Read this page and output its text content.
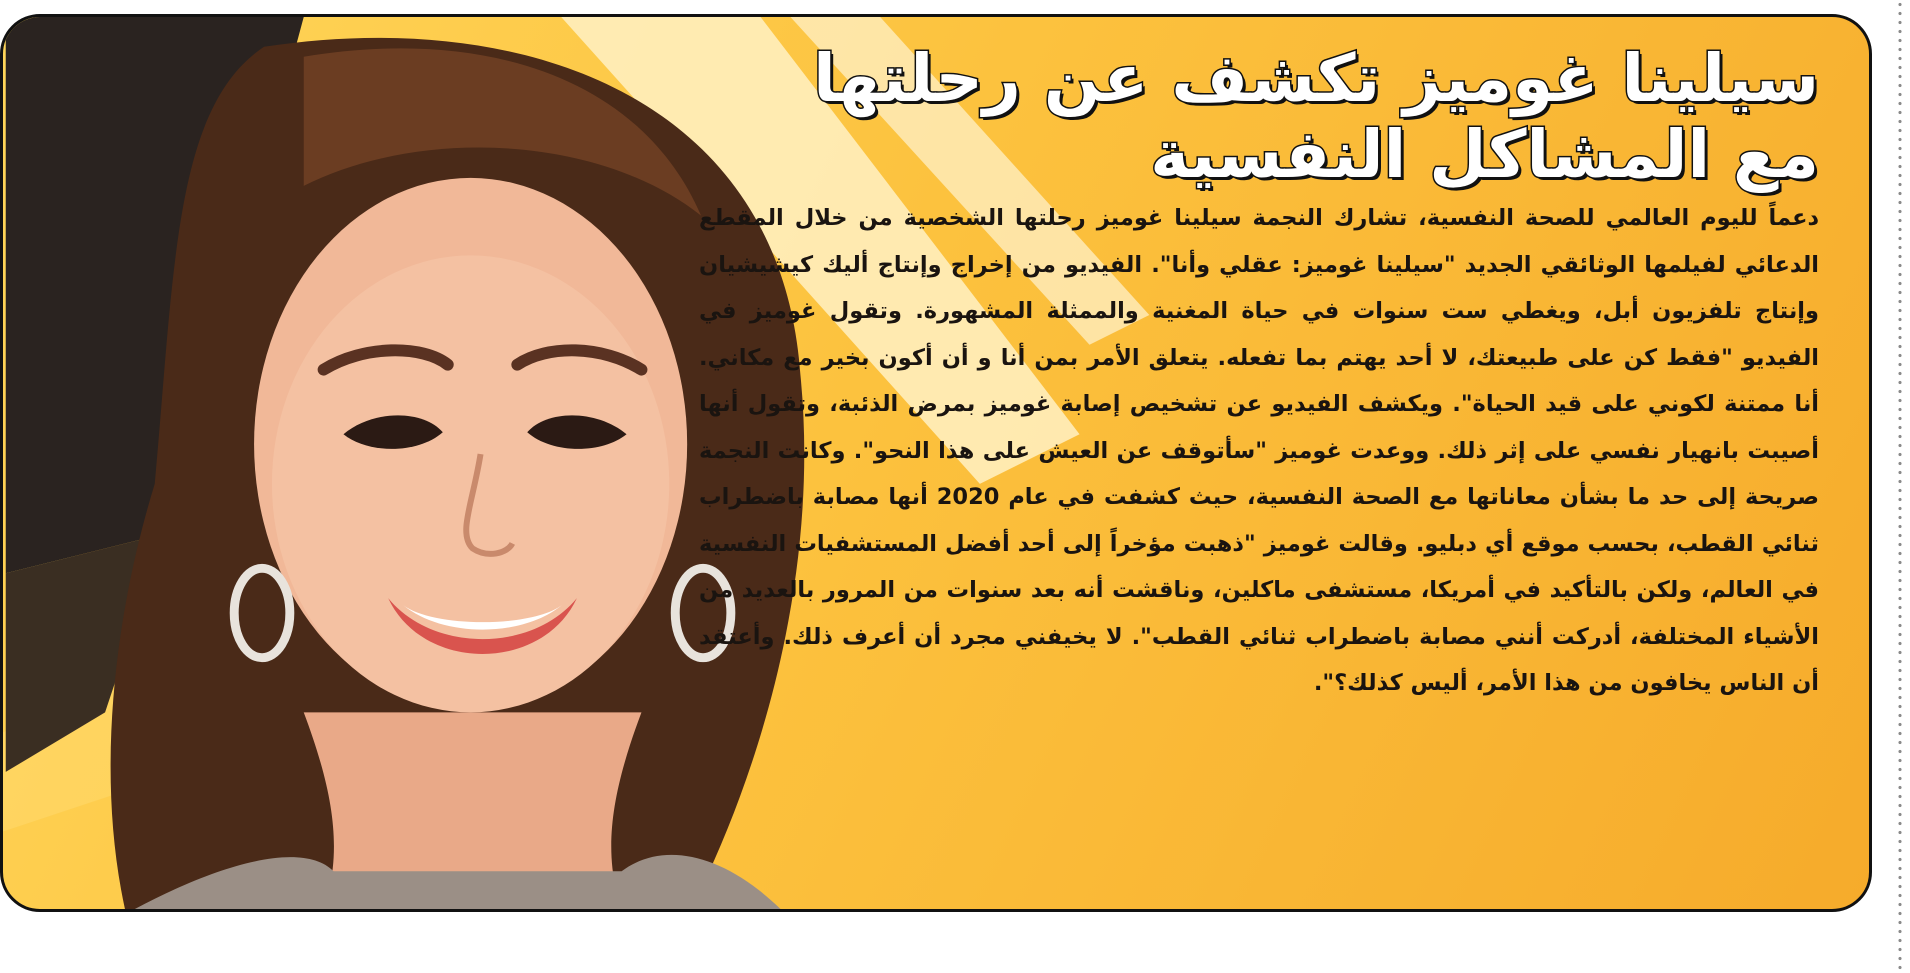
سيلينا غوميز تكشف عن رحلتها مع المشاكل النفسية

دعماً لليوم العالمي للصحة النفسية، تشارك النجمة سيلينا غوميز رحلتها الشخصية من خلال المقطع الدعائي لفيلمها الوثائقي الجديد "سيلينا غوميز: عقلي وأنا". الفيديو من إخراج وإنتاج أليك كيشيشيان وإنتاج تلفزيون أبل، ويغطي ست سنوات في حياة المغنية والممثلة المشهورة. وتقول غوميز في الفيديو "فقط كن على طبيعتك، لا أحد يهتم بما تفعله. يتعلق الأمر بمن أنا و أن أكون بخير مع مكاني. أنا ممتنة لكوني على قيد الحياة". ويكشف الفيديو عن تشخيص إصابة غوميز بمرض الذئبة، وتقول أنها أصيبت بانهيار نفسي على إثر ذلك. ووعدت غوميز "سأتوقف عن العيش على هذا النحو". وكانت النجمة صريحة إلى حد ما بشأن معاناتها مع الصحة النفسية، حيث كشفت في عام 2020 أنها مصابة باضطراب ثنائي القطب، بحسب موقع أي دبليو. وقالت غوميز "ذهبت مؤخراً إلى أحد أفضل المستشفيات النفسية في العالم، ولكن بالتأكيد في أمريكا، مستشفى ماكلين، وناقشت أنه بعد سنوات من المرور بالعديد من الأشياء المختلفة، أدركت أنني مصابة باضطراب ثنائي القطب". لا يخيفني مجرد أن أعرف ذلك. وأعتقد أن الناس يخافون من هذا الأمر، أليس كذلك؟".
